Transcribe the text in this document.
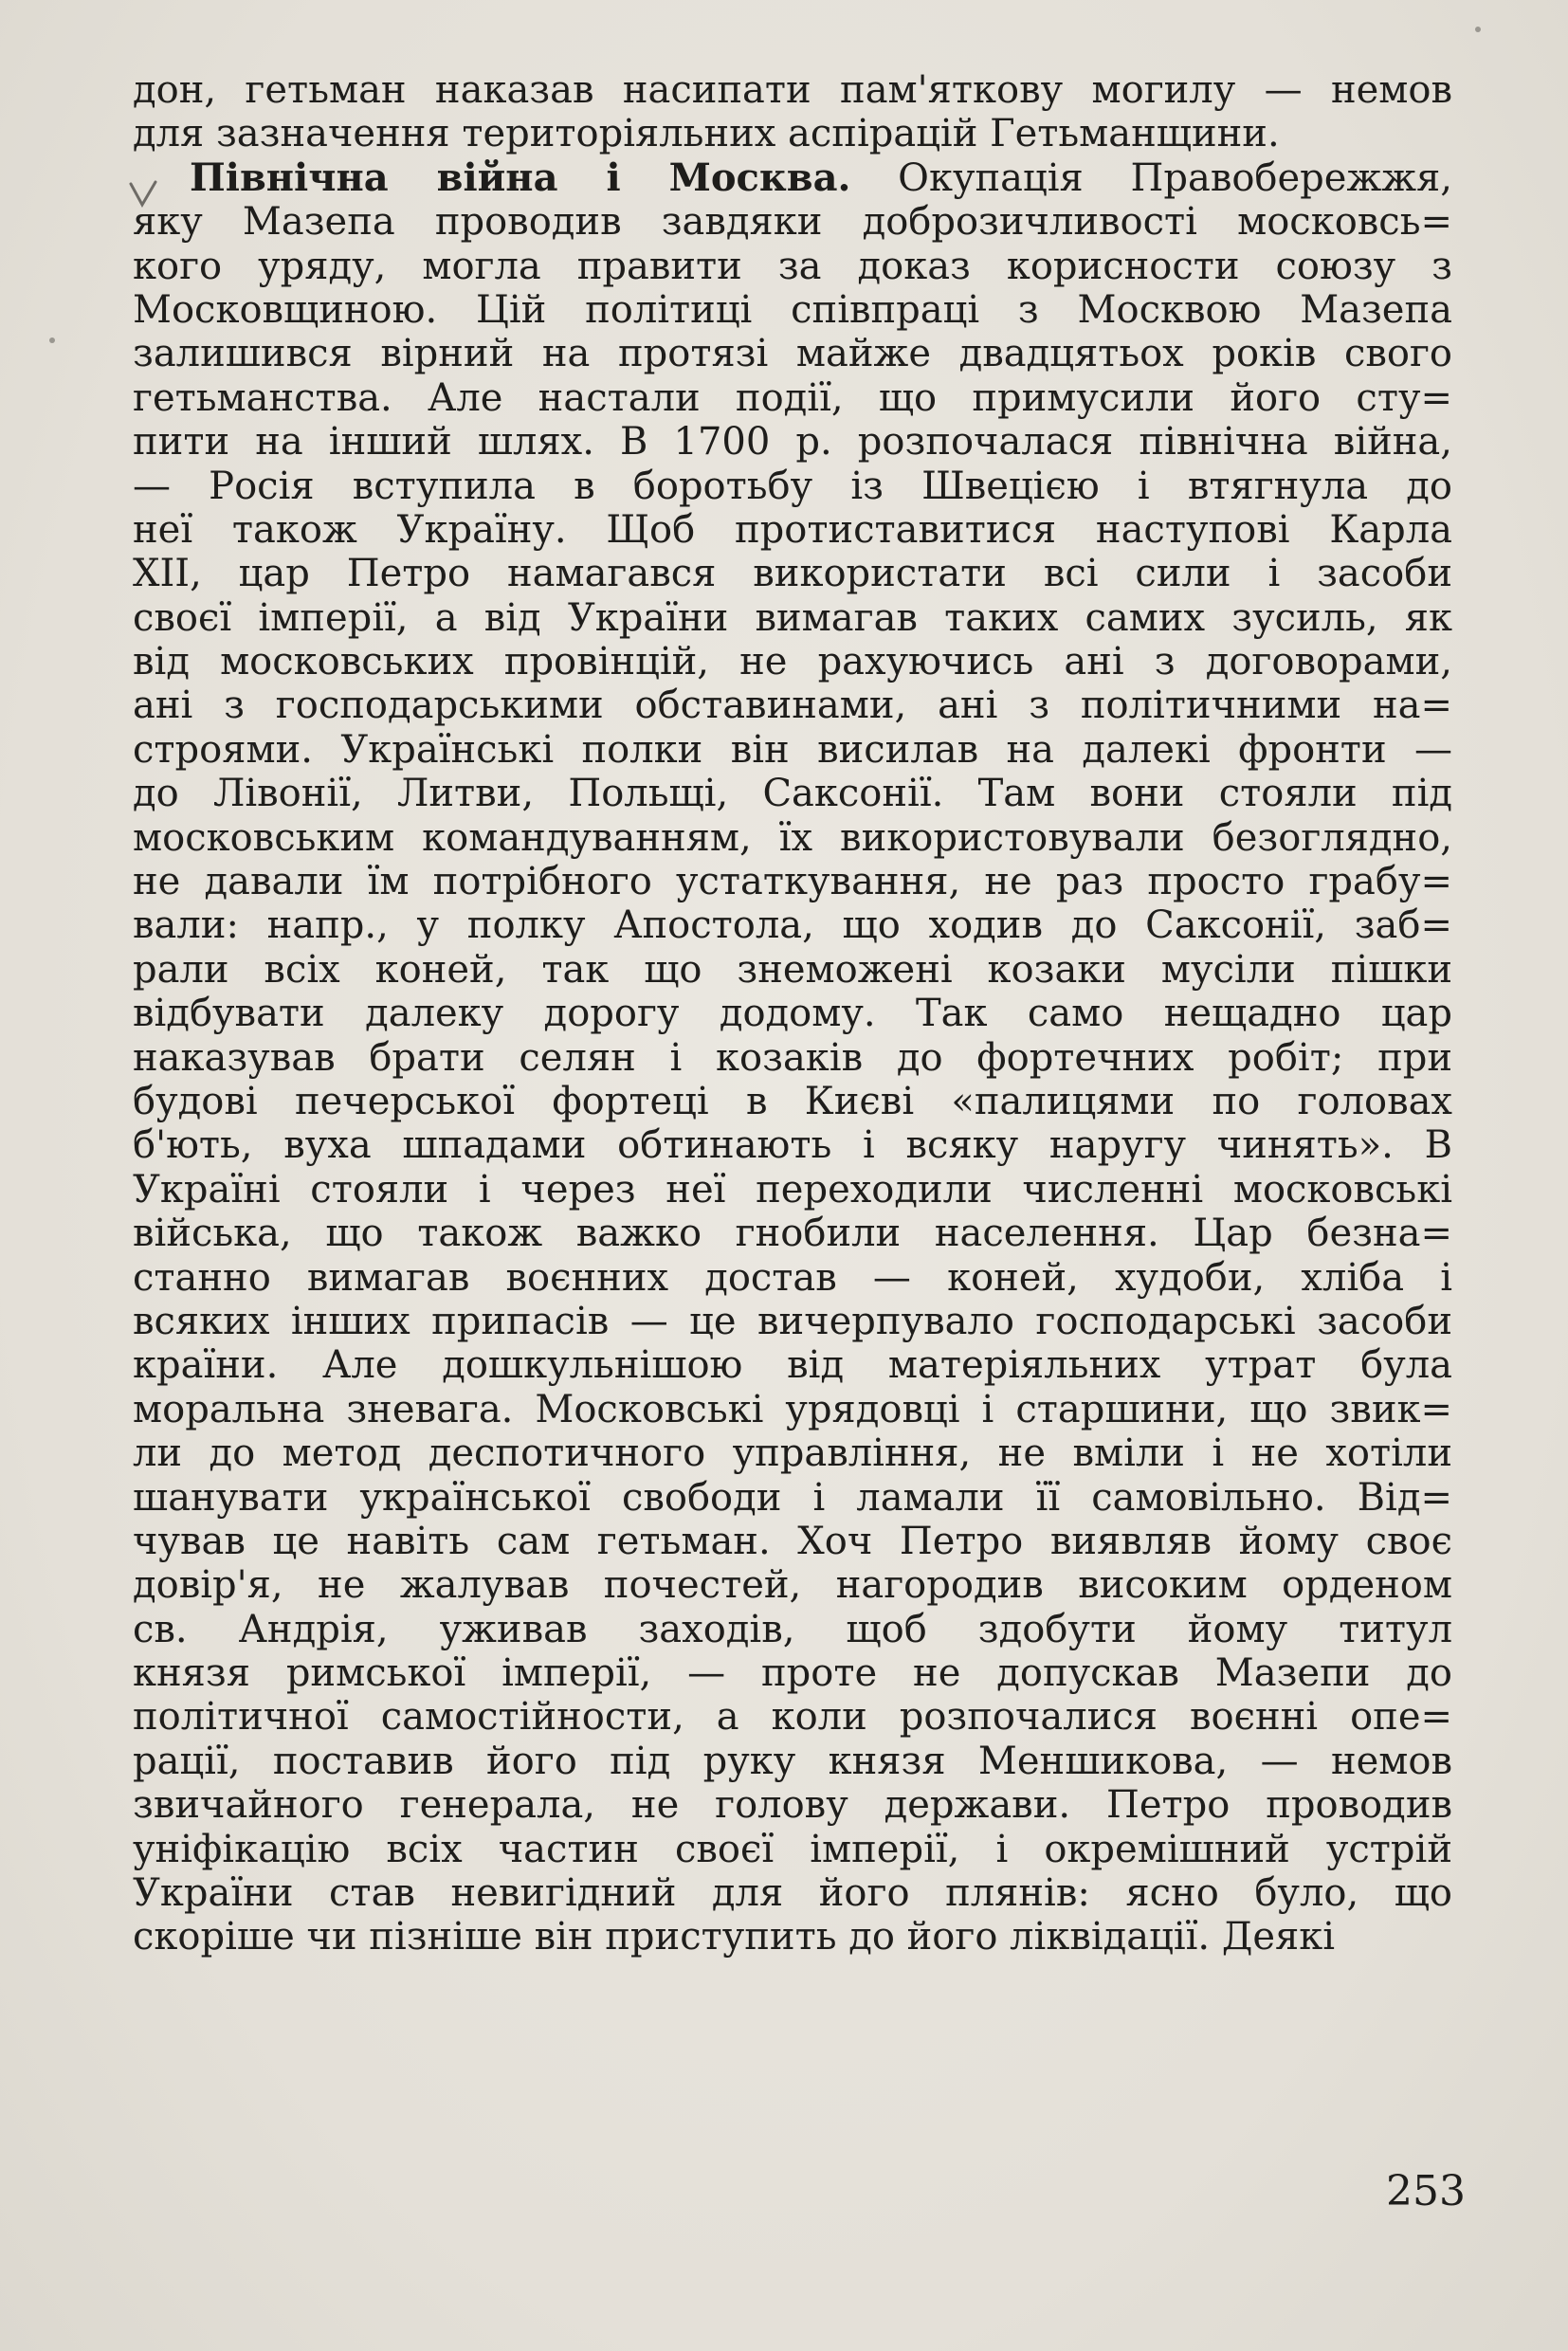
дон, гетьман наказав насипати пам'яткову могилу — немов
для зазначення територіяльних аспірацій Гетьманщини.
Північна війна і Москва. Окупація Правобережжя,
яку Мазепа проводив завдяки доброзичливості московсь=
кого уряду, могла правити за доказ корисности союзу з
Московщиною. Цій політиці співпраці з Москвою Мазепа
залишився вірний на протязі майже двадцятьох років свого
гетьманства. Але настали події, що примусили його сту=
пити на інший шлях. В 1700 р. розпочалася північна війна,
— Росія вступила в боротьбу із Швецією і втягнула до
неї також Україну. Щоб протиставитися наступові Карла
XII, цар Петро намагався використати всі сили і засоби
своєї імперії, а від України вимагав таких самих зусиль, як
від московських провінцій, не рахуючись ані з договорами,
ані з господарськими обставинами, ані з політичними на=
строями. Українські полки він висилав на далекі фронти —
до Лівонії, Литви, Польщі, Саксонії. Там вони стояли під
московським командуванням, їх використовували безоглядно,
не давали їм потрібного устаткування, не раз просто грабу=
вали: напр., у полку Апостола, що ходив до Саксонії, заб=
рали всіх коней, так що знеможені козаки мусіли пішки
відбувати далеку дорогу додому. Так само нещадно цар
наказував брати селян і козаків до фортечних робіт; при
будові печерської фортеці в Києві «палицями по головах
б'ють, вуха шпадами обтинають і всяку наругу чинять». В
Україні стояли і через неї переходили численні московські
війська, що також важко гнобили населення. Цар безна=
станно вимагав воєнних достав — коней, худоби, хліба і
всяких інших припасів — це вичерпувало господарські засоби
країни. Але дошкульнішою від матеріяльних утрат була
моральна зневага. Московські урядовці і старшини, що звик=
ли до метод деспотичного управління, не вміли і не хотіли
шанувати української свободи і ламали її самовільно. Від=
чував це навіть сам гетьман. Хоч Петро виявляв йому своє
довір'я, не жалував почестей, нагородив високим орденом
св. Андрія, уживав заходів, щоб здобути йому титул
князя римської імперії, — проте не допускав Мазепи до
політичної самостійности, а коли розпочалися воєнні опе=
рації, поставив його під руку князя Меншикова, — немов
звичайного генерала, не голову держави. Петро проводив
уніфікацію всіх частин своєї імперії, і окремішний устрій
України став невигідний для його плянів: ясно було, що
скоріше чи пізніше він приступить до його ліквідації. Деякі
253
